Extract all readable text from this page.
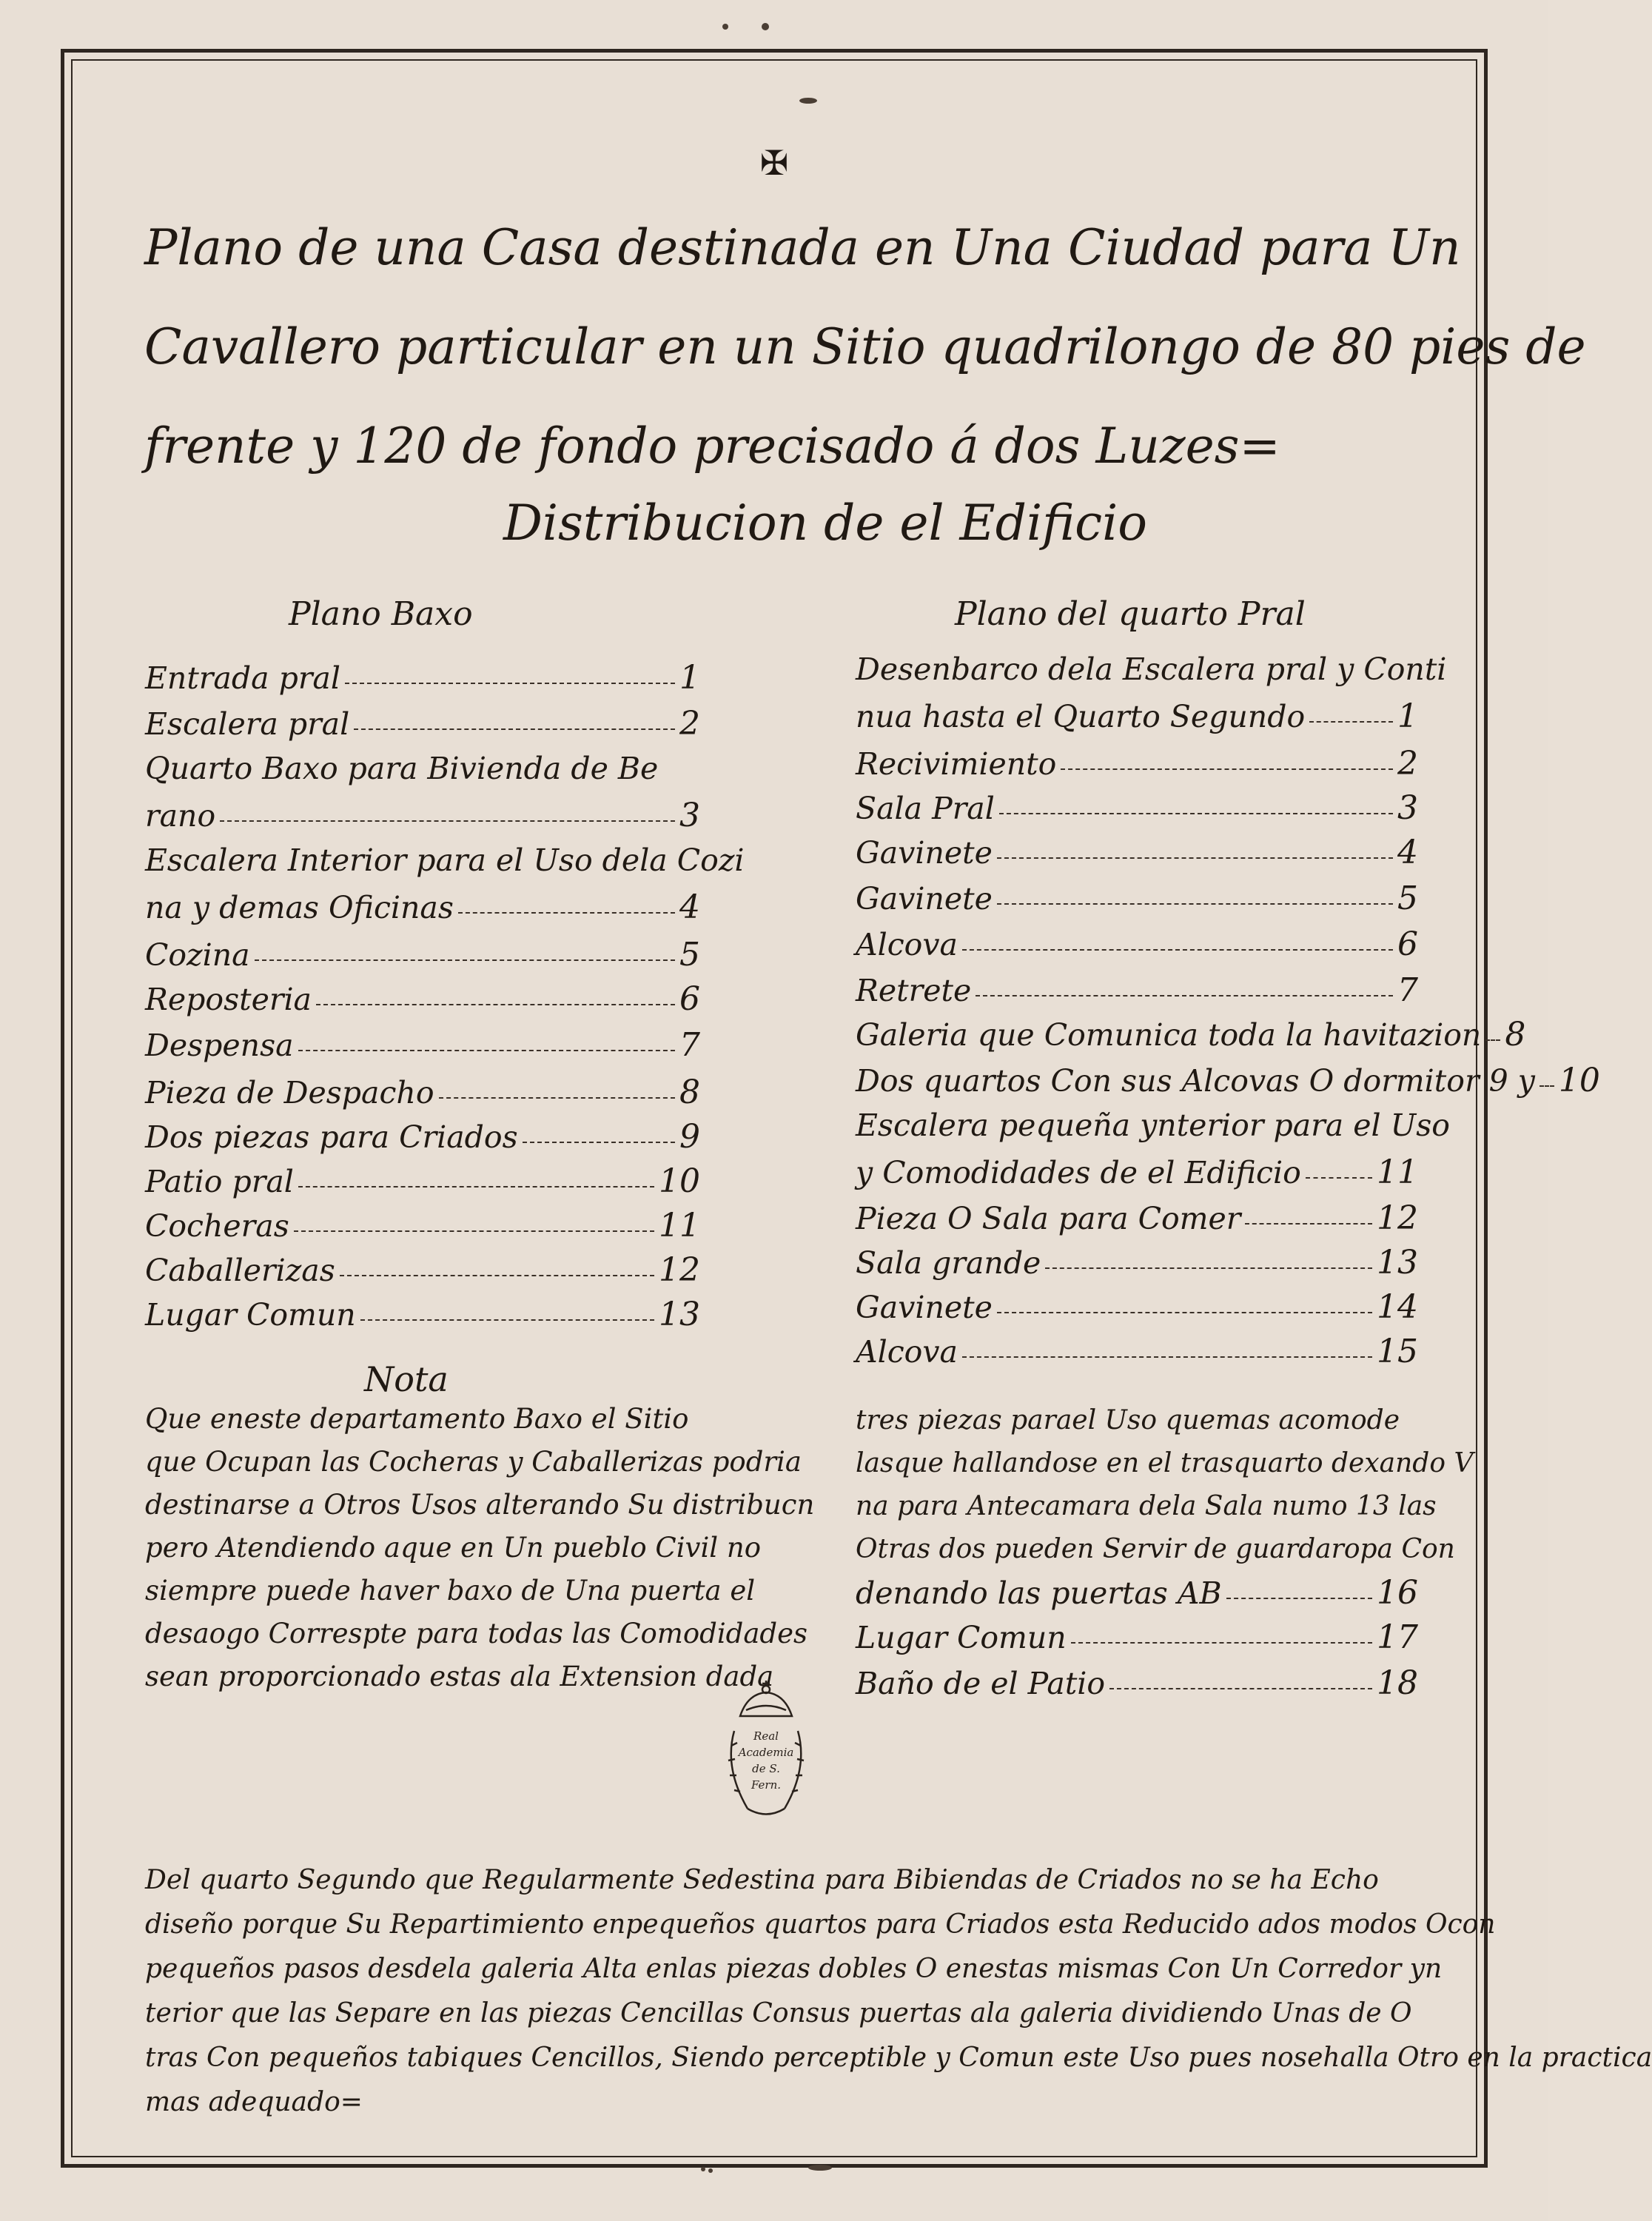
✠
Plano de una Casa destinada en Una Ciudad para Un
Cavallero particular en un Sitio quadrilongo de 80 pies de
frente y 120 de fondo precisado á dos Luzes=
Distribucion de el Edificio
Plano Baxo
Entrada pral	1
Escalera pral	2
Quarto Baxo para Bivienda de Be
rano	3
Escalera Interior para el Uso dela Cozi
na y demas Oficinas	4
Cozina	5
Reposteria	6
Despensa	7
Pieza de Despacho	8
Dos piezas para Criados	9
Patio pral	10
Cocheras	11
Caballerizas	12
Lugar Comun	13
Plano del quarto Pral
Desenbarco dela Escalera pral y Conti
nua hasta el Quarto Segundo	1
Recivimiento	2
Sala Pral	3
Gavinete	4
Gavinete	5
Alcova	6
Retrete	7
Galeria que Comunica toda la havitazion 8
Dos quartos Con sus Alcovas O dormitor 9 y 10
Escalera pequeña ynterior para el Uso
y Comodidades de el Edificio 11
Pieza O Sala para Comer	12
Sala grande	13
Gavinete	14
Alcova	15
Nota
Que eneste departamento Baxo el Sitio
que Ocupan las Cocheras y Caballerizas podria
destinarse a Otros Usos alterando Su distribucn
pero Atendiendo aque en Un pueblo Civil no
siempre puede haver baxo de Una puerta el
desaogo Correspte para todas las Comodidades
sean proporcionado estas ala Extension dada
tres piezas parael Uso quemas acomode
lasque hallandose en el trasquarto dexando V
na para Antecamara dela Sala numo 13 las
Otras dos pueden Servir de guardaropa Con
denando las puertas AB	16
Lugar Comun	17
Baño de el Patio	18
Real
Academia
de S.
Fern.
Del quarto Segundo que Regularmente Sedestina para Bibiendas de Criados no se ha Echo
diseño porque Su Repartimiento enpequeños quartos para Criados esta Reducido ados modos Ocon
pequeños pasos desdela galeria Alta enlas piezas dobles O enestas mismas Con Un Corredor yn
terior que las Separe en las piezas Cencillas Consus puertas ala galeria dividiendo Unas de O
tras Con pequeños tabiques Cencillos, Siendo perceptible y Comun este Uso pues nosehalla Otro en la practica
mas adequado=
